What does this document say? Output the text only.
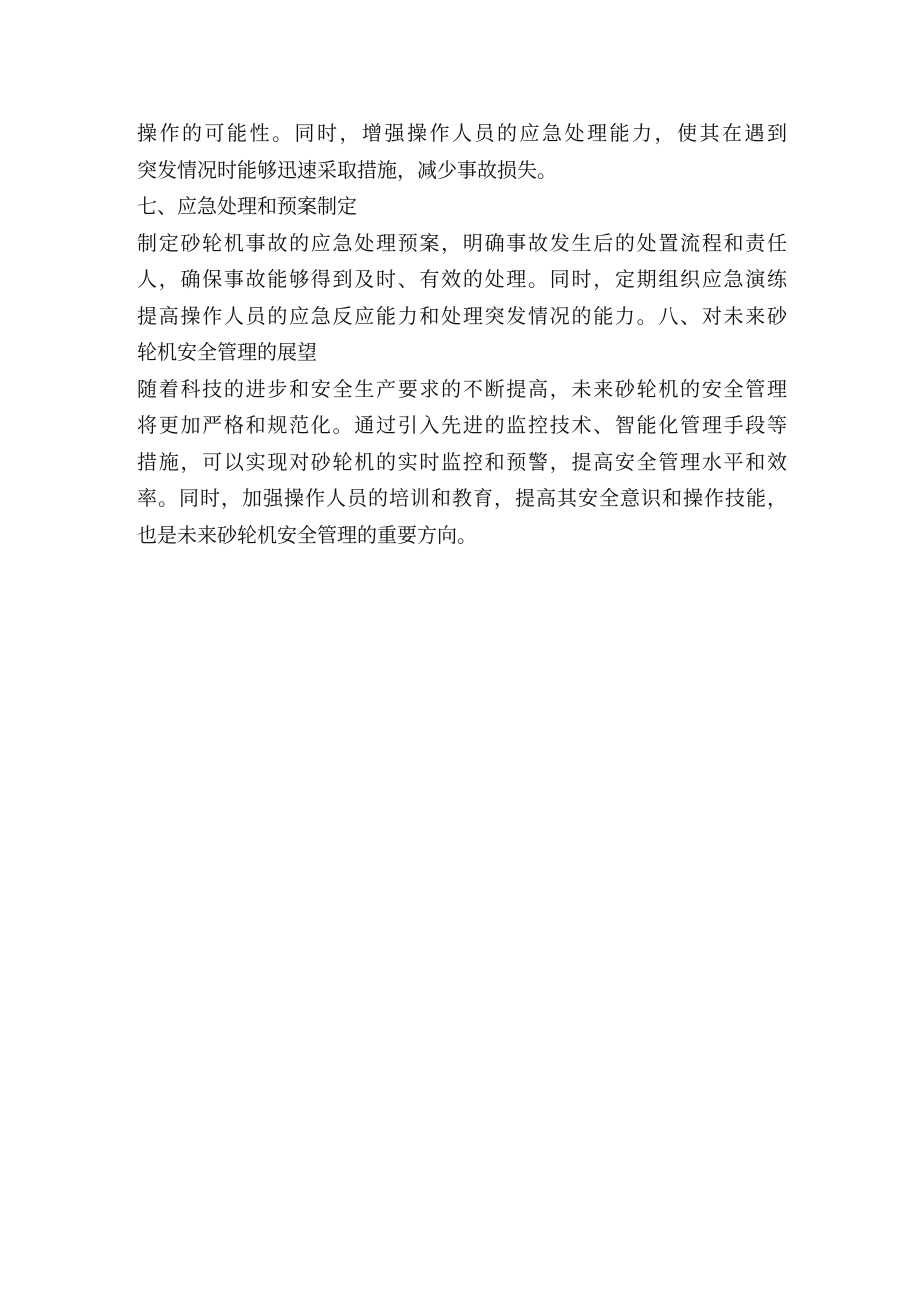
操作的可能性。同时，增强操作人员的应急处理能力，使其在遇到
突发情况时能够迅速采取措施，减少事故损失。
七、应急处理和预案制定
制定砂轮机事故的应急处理预案，明确事故发生后的处置流程和责任
人，确保事故能够得到及时、有效的处理。同时，定期组织应急演练
提高操作人员的应急反应能力和处理突发情况的能力。八、对未来砂
轮机安全管理的展望
随着科技的进步和安全生产要求的不断提高，未来砂轮机的安全管理
将更加严格和规范化。通过引入先进的监控技术、智能化管理手段等
措施，可以实现对砂轮机的实时监控和预警，提高安全管理水平和效
率。同时，加强操作人员的培训和教育，提高其安全意识和操作技能，
也是未来砂轮机安全管理的重要方向。
